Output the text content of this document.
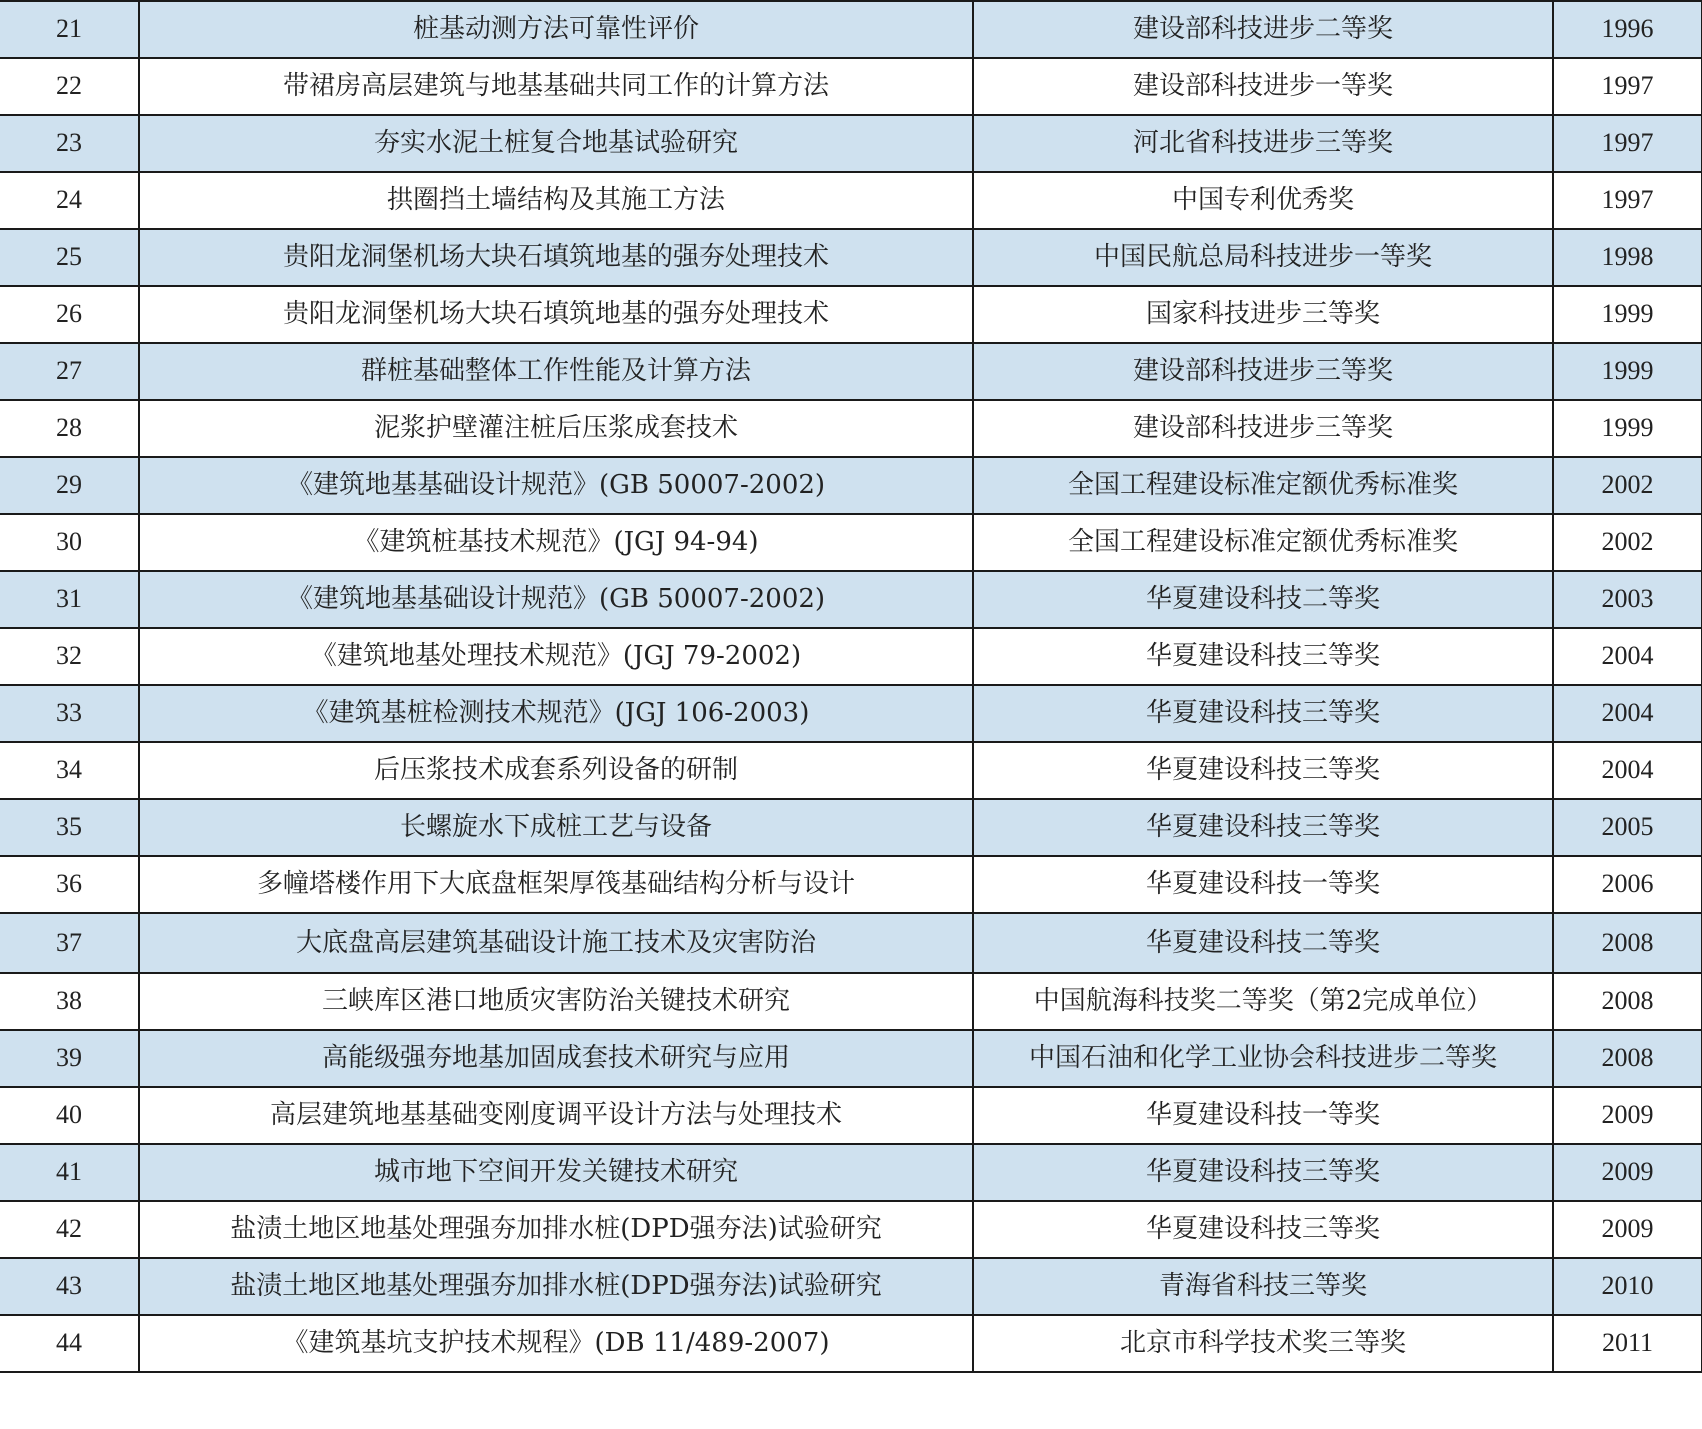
21	桩基动测方法可靠性评价	建设部科技进步二等奖	1996
22	带裙房高层建筑与地基基础共同工作的计算方法	建设部科技进步一等奖	1997
23	夯实水泥土桩复合地基试验研究	河北省科技进步三等奖	1997
24	拱圈挡土墙结构及其施工方法	中国专利优秀奖	1997
25	贵阳龙洞堡机场大块石填筑地基的强夯处理技术	中国民航总局科技进步一等奖	1998
26	贵阳龙洞堡机场大块石填筑地基的强夯处理技术	国家科技进步三等奖	1999
27	群桩基础整体工作性能及计算方法	建设部科技进步三等奖	1999
28	泥浆护壁灌注桩后压浆成套技术	建设部科技进步三等奖	1999
29	《建筑地基基础设计规范》(GB 50007-2002)	全国工程建设标准定额优秀标准奖	2002
30	《建筑桩基技术规范》(JGJ 94-94)	全国工程建设标准定额优秀标准奖	2002
31	《建筑地基基础设计规范》(GB 50007-2002)	华夏建设科技二等奖	2003
32	《建筑地基处理技术规范》(JGJ 79-2002)	华夏建设科技三等奖	2004
33	《建筑基桩检测技术规范》(JGJ 106-2003)	华夏建设科技三等奖	2004
34	后压浆技术成套系列设备的研制	华夏建设科技三等奖	2004
35	长螺旋水下成桩工艺与设备	华夏建设科技三等奖	2005
36	多幢塔楼作用下大底盘框架厚筏基础结构分析与设计	华夏建设科技一等奖	2006
37	大底盘高层建筑基础设计施工技术及灾害防治	华夏建设科技二等奖	2008
38	三峡库区港口地质灾害防治关键技术研究	中国航海科技奖二等奖（第2完成单位）	2008
39	高能级强夯地基加固成套技术研究与应用	中国石油和化学工业协会科技进步二等奖	2008
40	高层建筑地基基础变刚度调平设计方法与处理技术	华夏建设科技一等奖	2009
41	城市地下空间开发关键技术研究	华夏建设科技三等奖	2009
42	盐渍土地区地基处理强夯加排水桩(DPD强夯法)试验研究	华夏建设科技三等奖	2009
43	盐渍土地区地基处理强夯加排水桩(DPD强夯法)试验研究	青海省科技三等奖	2010
44	《建筑基坑支护技术规程》(DB 11/489-2007)	北京市科学技术奖三等奖	2011
